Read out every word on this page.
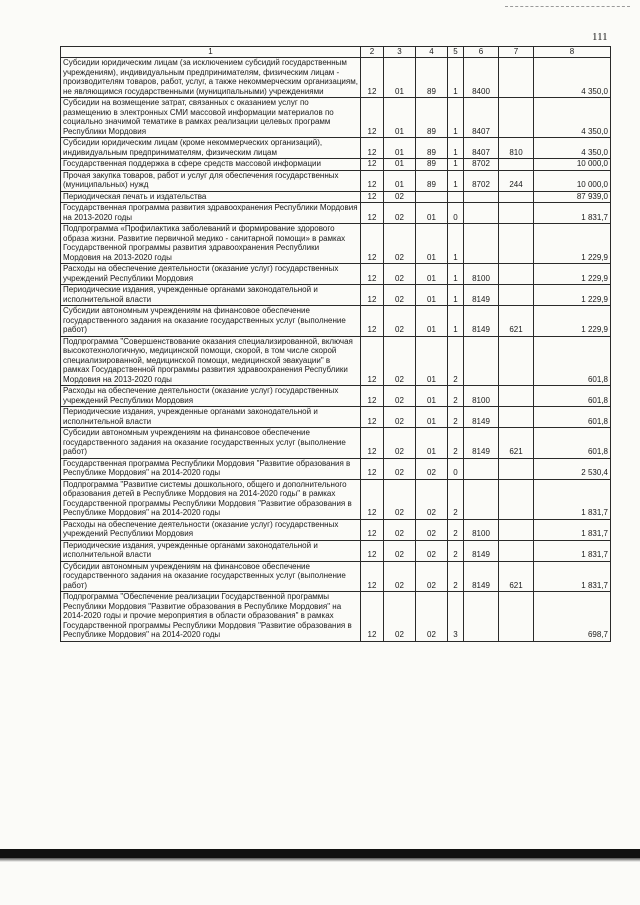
111
1	2	3	4	5	6	7	8
Субсидии юридическим лицам (за исключением субсидий государственным учреждениям), индивидуальным предпринимателям, физическим лицам - производителям товаров, работ, услуг, а также некоммерческим организациям, не являющимся государственными (муниципальными) учреждениями	12	01	89	1	8400		4 350,0
Субсидии на возмещение затрат, связанных с оказанием услуг по размещению в электронных СМИ массовой информации материалов по социально значимой тематике в рамках реализации целевых программ Республики Мордовия	12	01	89	1	8407		4 350,0
Субсидии юридическим лицам (кроме некоммерческих организаций), индивидуальным предпринимателям, физическим лицам	12	01	89	1	8407	810	4 350,0
Государственная поддержка в сфере средств массовой информации	12	01	89	1	8702		10 000,0
Прочая закупка товаров, работ и услуг для обеспечения государственных (муниципальных) нужд	12	01	89	1	8702	244	10 000,0
Периодическая печать и издательства	12	02					87 939,0
Государственная программа развития здравоохранения Республики Мордовия на 2013-2020 годы	12	02	01	0			1 831,7
Подпрограмма «Профилактика заболеваний и формирование здорового образа жизни. Развитие первичной медико - санитарной помощи» в рамках Государственной программы развития здравоохранения Республики Мордовия на 2013-2020 годы	12	02	01	1			1 229,9
Расходы на обеспечение деятельности (оказание услуг) государственных учреждений Республики Мордовия	12	02	01	1	8100		1 229,9
Периодические издания, учрежденные органами законодательной и исполнительной власти	12	02	01	1	8149		1 229,9
Субсидии автономным учреждениям на финансовое обеспечение государственного задания на оказание государственных услуг (выполнение работ)	12	02	01	1	8149	621	1 229,9
Подпрограмма "Совершенствование оказания специализированной, включая высокотехнологичную, медицинской помощи, скорой, в том числе скорой специализированной, медицинской помощи, медицинской эвакуации" в рамках Государственной программы развития здравоохранения Республики Мордовия на 2013-2020 годы	12	02	01	2			601,8
Расходы на обеспечение деятельности (оказание услуг) государственных учреждений Республики Мордовия	12	02	01	2	8100		601,8
Периодические издания, учрежденные органами законодательной и исполнительной власти	12	02	01	2	8149		601,8
Субсидии автономным учреждениям на финансовое обеспечение государственного задания на оказание государственных услуг (выполнение работ)	12	02	01	2	8149	621	601,8
Государственная программа Республики Мордовия "Развитие образования в Республике Мордовия" на 2014-2020 годы	12	02	02	0			2 530,4
Подпрограмма "Развитие системы дошкольного, общего и дополнительного образования детей в Республике Мордовия на 2014-2020 годы" в рамках Государственной программы Республики Мордовия "Развитие образования в Республике Мордовия" на 2014-2020 годы	12	02	02	2			1 831,7
Расходы на обеспечение деятельности (оказание услуг) государственных учреждений Республики Мордовия	12	02	02	2	8100		1 831,7
Периодические издания, учрежденные органами законодательной и исполнительной власти	12	02	02	2	8149		1 831,7
Субсидии автономным учреждениям на финансовое обеспечение государственного задания на оказание государственных услуг (выполнение работ)	12	02	02	2	8149	621	1 831,7
Подпрограмма "Обеспечение реализации Государственной программы Республики Мордовия "Развитие образования в Республике Мордовия" на 2014-2020 годы и прочие мероприятия в области образования" в рамках Государственной программы Республики Мордовия "Развитие образования в Республике Мордовия" на 2014-2020 годы	12	02	02	3			698,7
